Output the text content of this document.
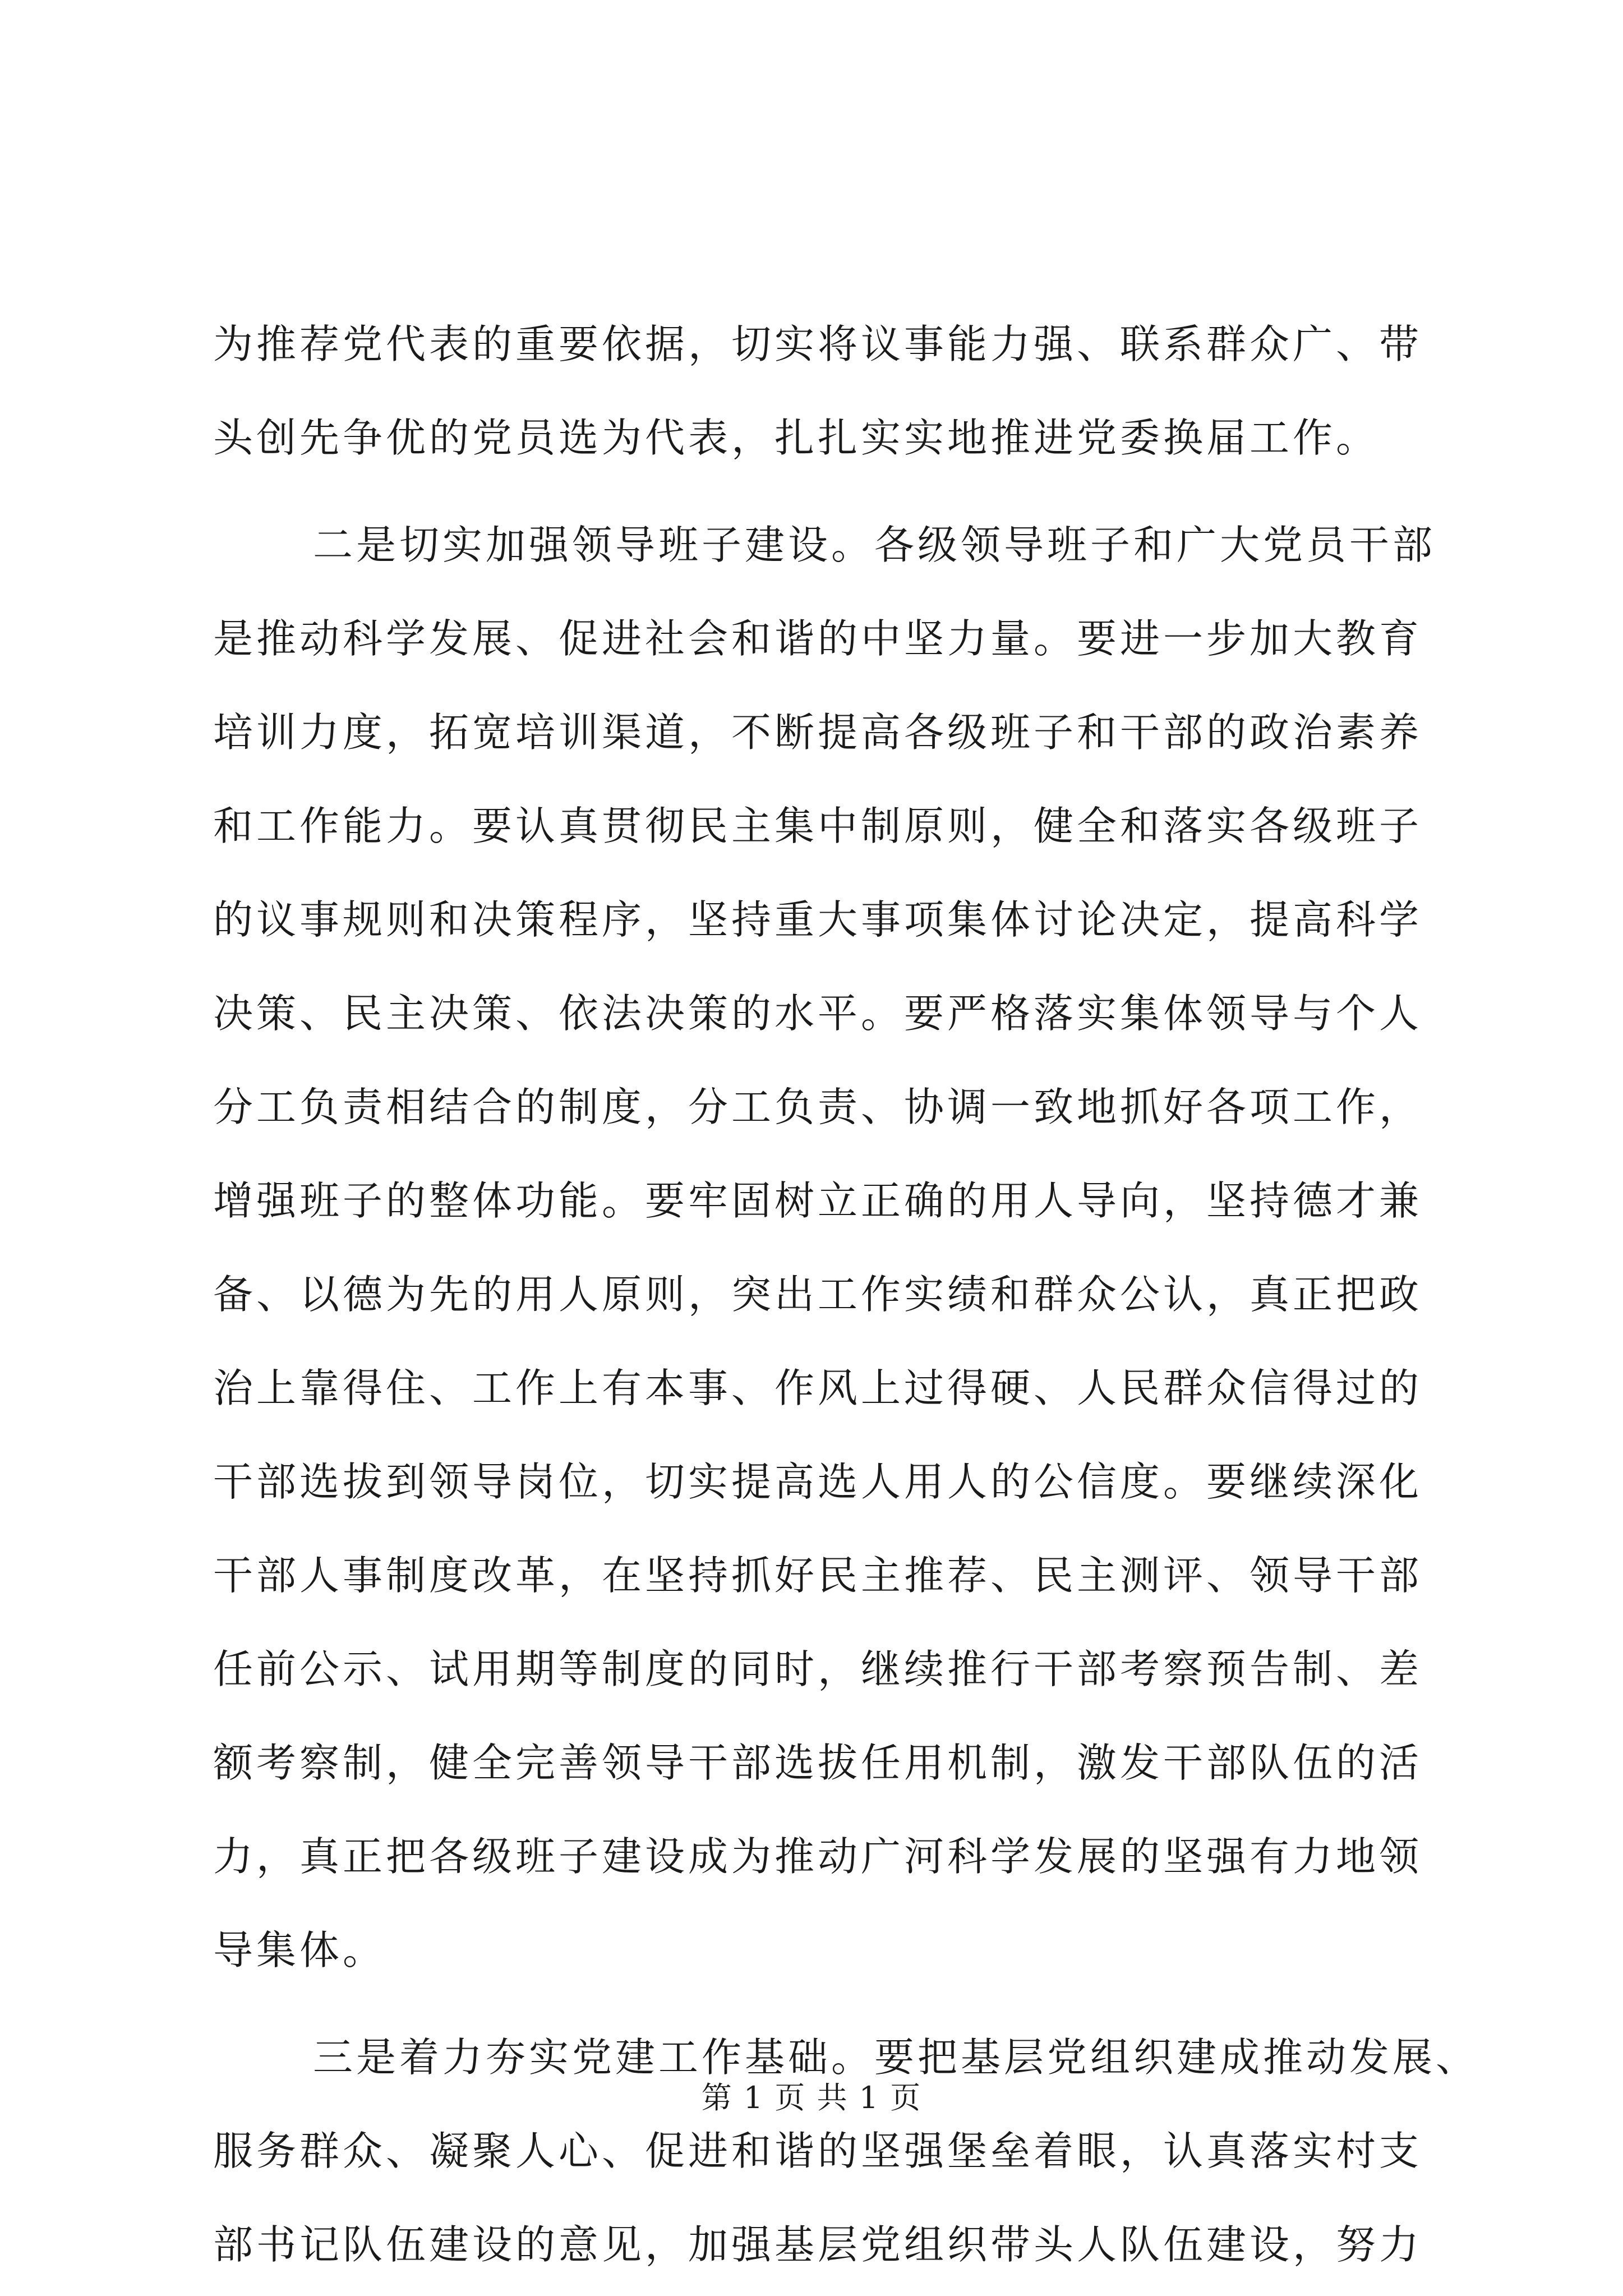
为推荐党代表的重要依据，切实将议事能力强、联系群众广、带
头创先争优的党员选为代表，扎扎实实地推进党委换届工作。
二是切实加强领导班子建设。各级领导班子和广大党员干部
是推动科学发展、促进社会和谐的中坚力量。要进一步加大教育
培训力度，拓宽培训渠道，不断提高各级班子和干部的政治素养
和工作能力。要认真贯彻民主集中制原则，健全和落实各级班子
的议事规则和决策程序，坚持重大事项集体讨论决定，提高科学
决策、民主决策、依法决策的水平。要严格落实集体领导与个人
分工负责相结合的制度，分工负责、协调一致地抓好各项工作，
增强班子的整体功能。要牢固树立正确的用人导向，坚持德才兼
备、以德为先的用人原则，突出工作实绩和群众公认，真正把政
治上靠得住、工作上有本事、作风上过得硬、人民群众信得过的
干部选拔到领导岗位，切实提高选人用人的公信度。要继续深化
干部人事制度改革，在坚持抓好民主推荐、民主测评、领导干部
任前公示、试用期等制度的同时，继续推行干部考察预告制、差
额考察制，健全完善领导干部选拔任用机制，激发干部队伍的活
力，真正把各级班子建设成为推动广河科学发展的坚强有力地领
导集体。
三是着力夯实党建工作基础。要把基层党组织建成推动发展、
服务群众、凝聚人心、促进和谐的坚强堡垒着眼，认真落实村支
部书记队伍建设的意见，加强基层党组织带头人队伍建设，努力
第 1 页 共 1 页
